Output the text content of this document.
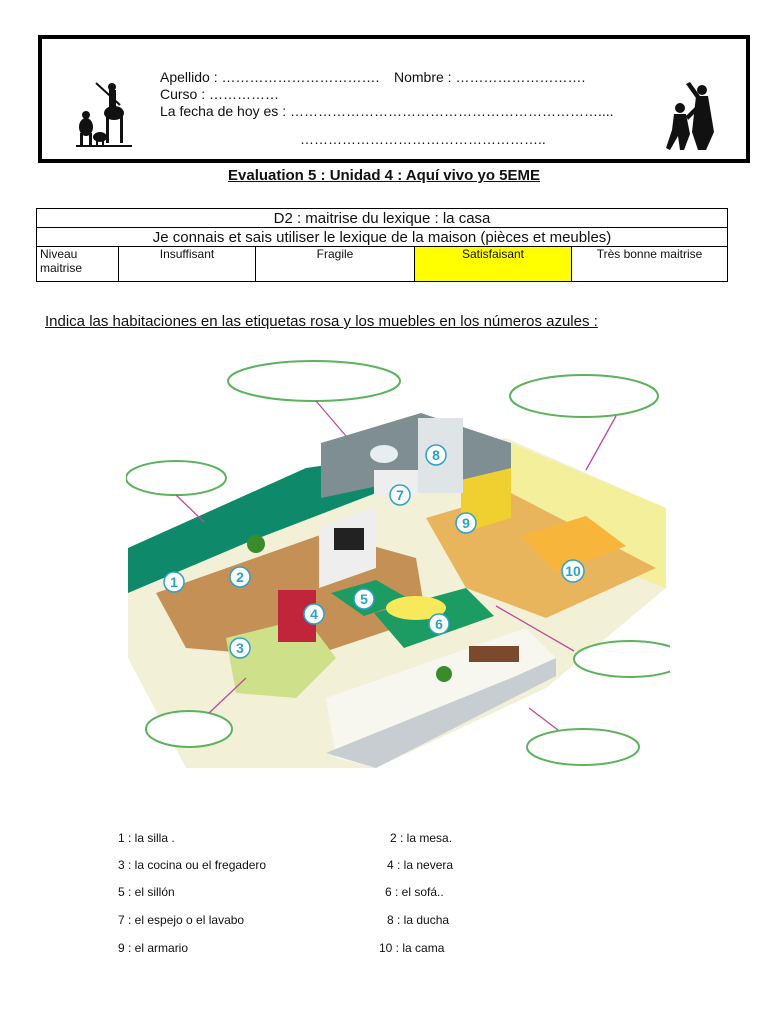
Apellido : ……………………………. Nombre : ……………………….
Curso : ……………
La fecha de hoy es : …………………………………………………………....
……………………………………………..
Evaluation 5 : Unidad 4 : Aquí vivo yo 5EME
D2 : maitrise du lexique : la casa
Je connais et sais utiliser le lexique de la maison (pièces et meubles)
Niveau maitrise	Insuffisant	Fragile	Satisfaisant	Très bonne maitrise
Indica las habitaciones en las etiquetas rosa y los muebles en los números azules :
1	2
3
4
5
6
7
8
9
10
1 : la silla .	2 : la mesa.
3 : la cocina ou el fregadero	4 : la nevera
5 : el sillón	6 : el sofá..
7 : el espejo o el lavabo	8 : la ducha
9 : el armario	10 : la cama
